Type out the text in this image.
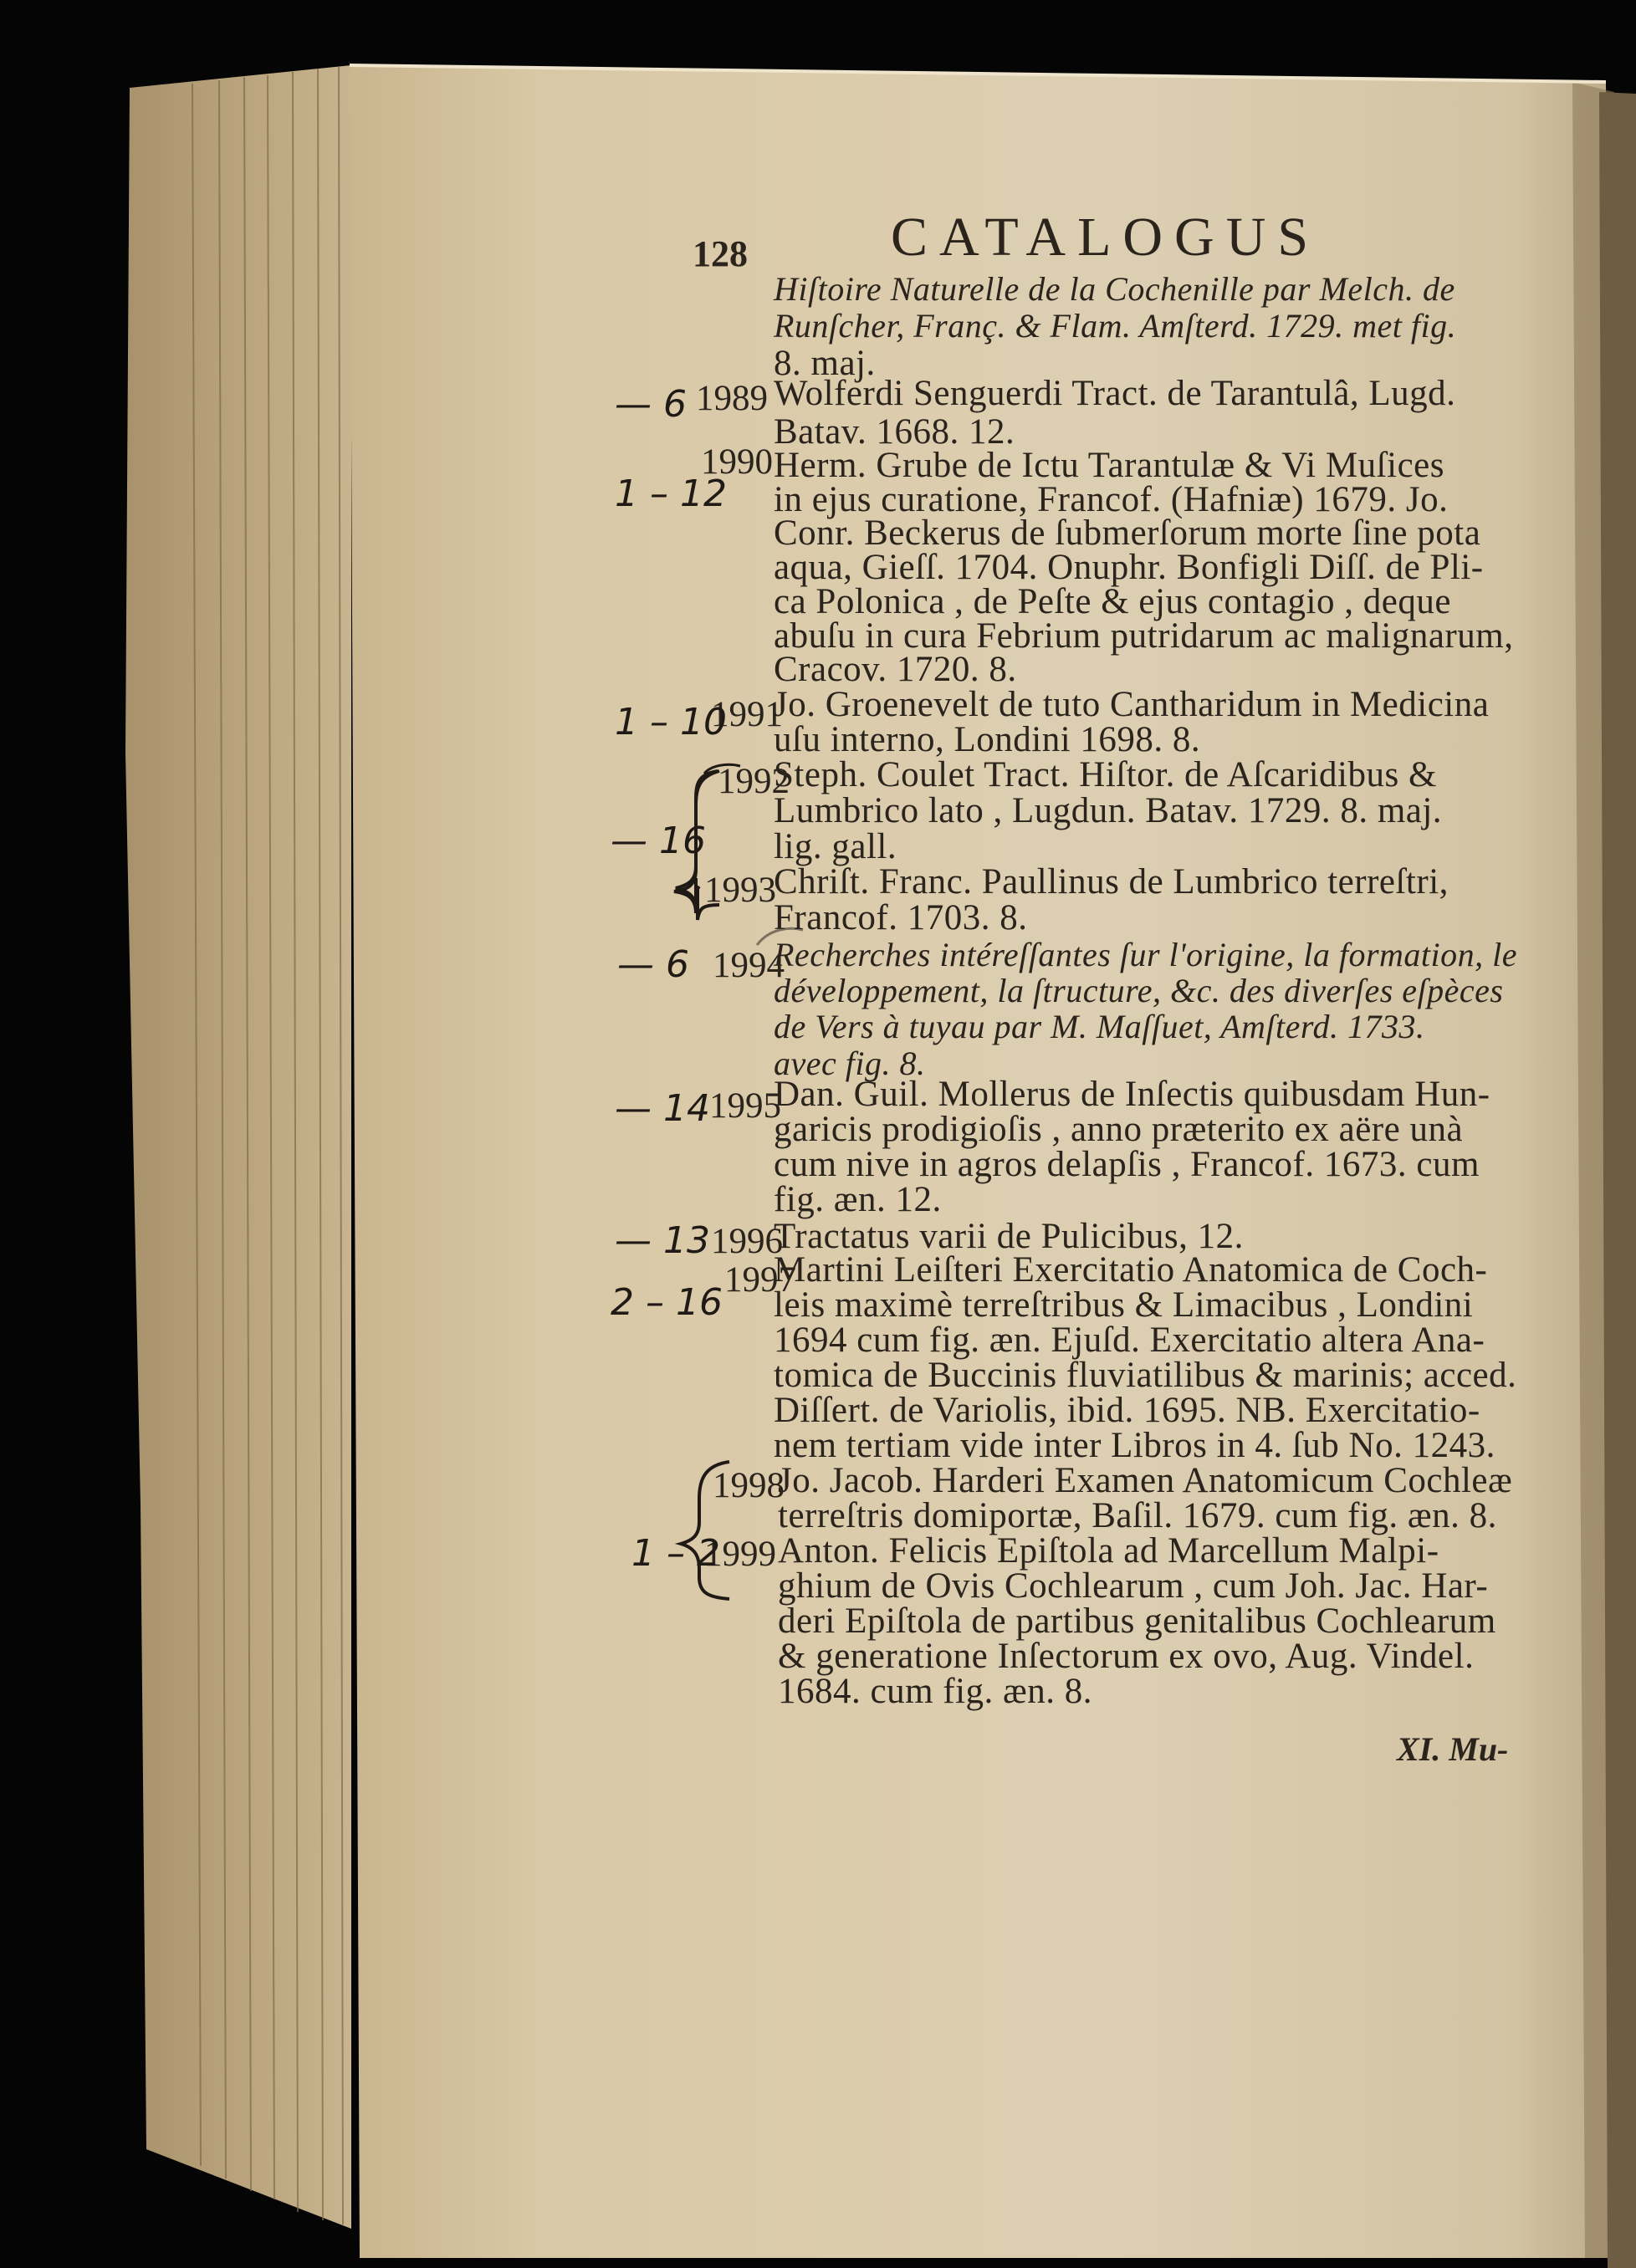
128	CATALOGUS
Hiſtoire Naturelle de la Cochenille par Melch. de
Runſcher, Franç. & Flam. Amſterd. 1729. met fig.
8. maj.
1989 Wolferdi Senguerdi Tract. de Tarantulâ, Lugd.
Batav. 1668. 12.
1990 Herm. Grube de Ictu Tarantulæ & Vi Muſices
in ejus curatione, Francof. (Hafniæ) 1679. Jo.
Conr. Beckerus de ſubmerſorum morte ſine pota
aqua, Gieſſ. 1704. Onuphr. Bonfigli Diſſ. de Pli-
ca Polonica , de Peſte & ejus contagio , deque
abuſu in cura Febrium putridarum ac malignarum,
Cracov. 1720. 8.
1991
Jo. Groenevelt de tuto Cantharidum in Medicina
uſu interno, Londini 1698. 8.
1992
Steph. Coulet Tract. Hiſtor. de Aſcaridibus &
Lumbrico lato , Lugdun. Batav. 1729. 8. maj.
lig. gall.
1993
Chriſt. Franc. Paullinus de Lumbrico terreſtri,
Francof. 1703. 8.
1994
Recherches intéreſſantes ſur l'origine, la formation, le
développement, la ſtructure, &c. des diverſes eſpèces
de Vers à tuyau par M. Maſſuet, Amſterd. 1733.
avec fig. 8.
1995
Dan. Guil. Mollerus de Inſectis quibusdam Hun-
garicis prodigioſis , anno præterito ex aëre unà
cum nive in agros delapſis , Francof. 1673. cum
fig. æn. 12.
1996
Tractatus varii de Pulicibus, 12.
1997
Martini Leiſteri Exercitatio Anatomica de Coch-
leis maximè terreſtribus & Limacibus , Londini
1694 cum fig. æn. Ejuſd. Exercitatio altera Ana-
tomica de Buccinis fluviatilibus & marinis; acced.
Diſſert. de Variolis, ibid. 1695. NB. Exercitatio-
nem tertiam vide inter Libros in 4. ſub No. 1243.
1998
Jo. Jacob. Harderi Examen Anatomicum Cochleæ
terreſtris domiportæ, Baſil. 1679. cum fig. æn. 8.
1999 Anton. Felicis Epiſtola ad Marcellum Malpi-
ghium de Ovis Cochlearum , cum Joh. Jac. Har-
deri Epiſtola de partibus genitalibus Cochlearum
& generatione Inſectorum ex ovo, Aug. Vindel.
1684. cum fig. æn. 8.
— 6
1 – 12
1 – 10
— 16
— 6
— 14
— 13
2 – 16
1 – 2
XI. Mu-
